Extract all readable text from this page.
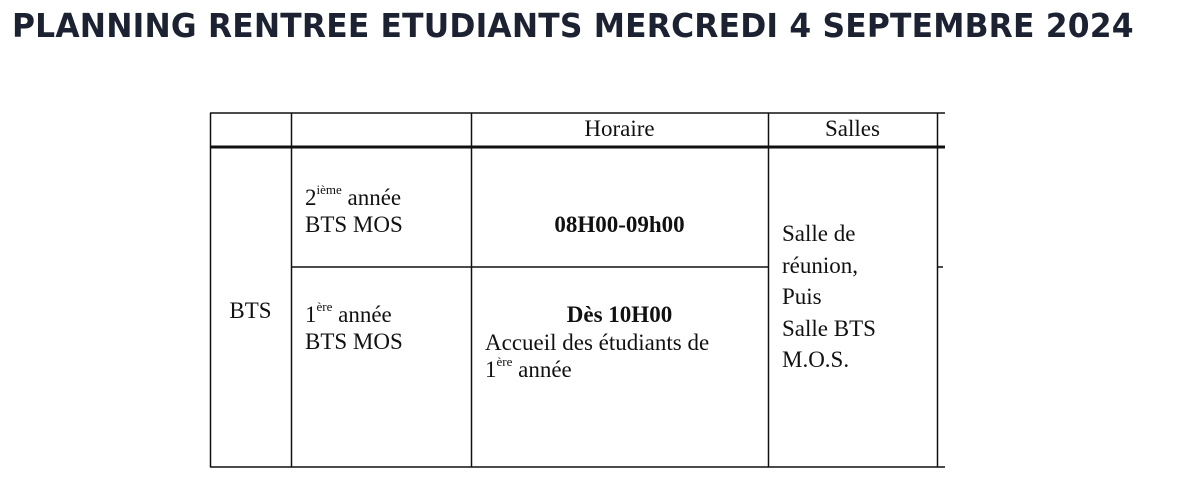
PLANNING RENTREE ETUDIANTS MERCREDI 4 SEPTEMBRE 2024
Horaire	Salles
BTS
2ième année
BTS MOS	08H00-09h00
1ère année
BTS MOS
Dès 10H00
Accueil des étudiants de
1ère année
Salle de
réunion,
Puis
Salle BTS
M.O.S.
